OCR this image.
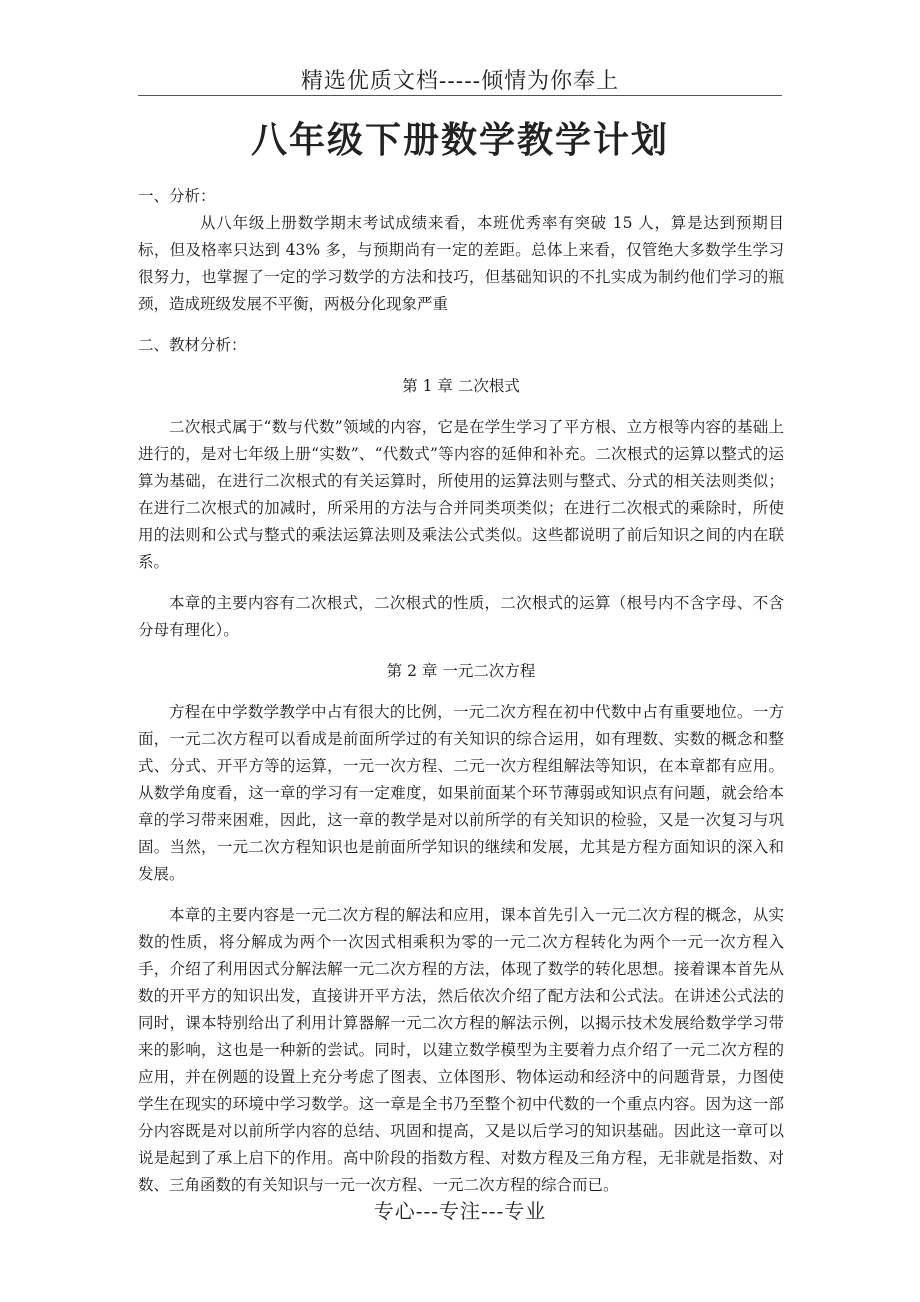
精选优质文档-----倾情为你奉上
八年级下册数学教学计划

一、分析：

从八年级上册数学期末考试成绩来看，本班优秀率有突破 15 人，算是达到预期目标，但及格率只达到 43% 多，与预期尚有一定的差距。总体上来看，仅管绝大多数学生学习很努力，也掌握了一定的学习数学的方法和技巧，但基础知识的不扎实成为制约他们学习的瓶颈，造成班级发展不平衡，两极分化现象严重

二、教材分析：

第 1 章 二次根式

二次根式属于“数与代数”领域的内容，它是在学生学习了平方根、立方根等内容的基础上进行的，是对七年级上册“实数”、“代数式”等内容的延伸和补充。二次根式的运算以整式的运算为基础，在进行二次根式的有关运算时，所使用的运算法则与整式、分式的相关法则类似；在进行二次根式的加减时，所采用的方法与合并同类项类似；在进行二次根式的乘除时，所使用的法则和公式与整式的乘法运算法则及乘法公式类似。这些都说明了前后知识之间的内在联系。

本章的主要内容有二次根式，二次根式的性质，二次根式的运算（根号内不含字母、不含分母有理化）。

第 2 章 一元二次方程

方程在中学数学教学中占有很大的比例，一元二次方程在初中代数中占有重要地位。一方面，一元二次方程可以看成是前面所学过的有关知识的综合运用，如有理数、实数的概念和整式、分式、开平方等的运算，一元一次方程、二元一次方程组解法等知识，在本章都有应用。从数学角度看，这一章的学习有一定难度，如果前面某个环节薄弱或知识点有问题，就会给本章的学习带来困难，因此，这一章的教学是对以前所学的有关知识的检验，又是一次复习与巩固。当然，一元二次方程知识也是前面所学知识的继续和发展，尤其是方程方面知识的深入和发展。

本章的主要内容是一元二次方程的解法和应用，课本首先引入一元二次方程的概念，从实数的性质，将分解成为两个一次因式相乘积为零的一元二次方程转化为两个一元一次方程入手，介绍了利用因式分解法解一元二次方程的方法，体现了数学的转化思想。接着课本首先从数的开平方的知识出发，直接讲开平方法，然后依次介绍了配方法和公式法。在讲述公式法的同时，课本特别给出了利用计算器解一元二次方程的解法示例，以揭示技术发展给数学学习带来的影响，这也是一种新的尝试。同时，以建立数学模型为主要着力点介绍了一元二次方程的应用，并在例题的设置上充分考虑了图表、立体图形、物体运动和经济中的问题背景，力图使学生在现实的环境中学习数学。这一章是全书乃至整个初中代数的一个重点内容。因为这一部分内容既是对以前所学内容的总结、巩固和提高，又是以后学习的知识基础。因此这一章可以说是起到了承上启下的作用。高中阶段的指数方程、对数方程及三角方程，无非就是指数、对数、三角函数的有关知识与一元一次方程、一元二次方程的综合而已。

专心---专注---专业
